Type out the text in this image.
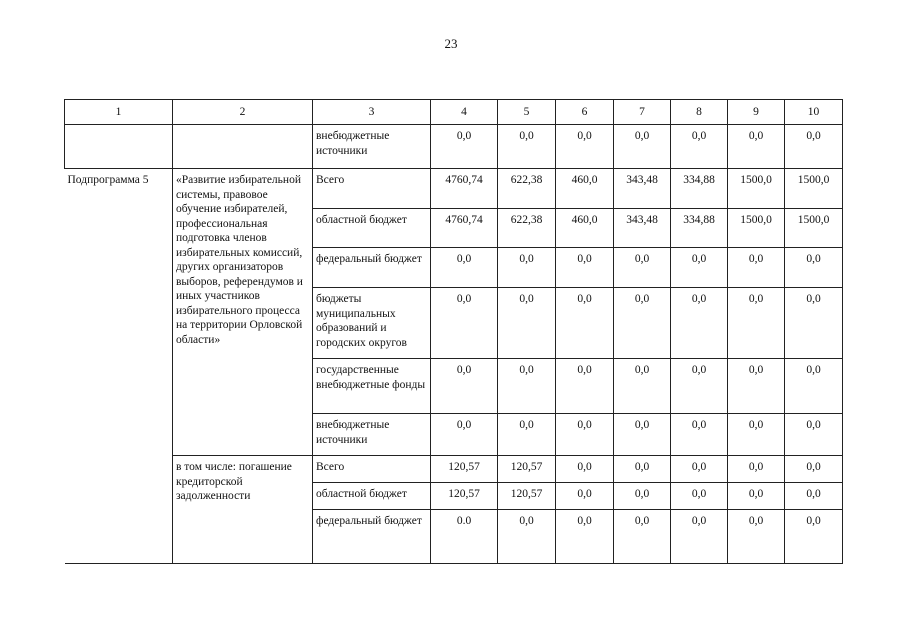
23
1	2	3	4	5	6	7	8	9	10
		внебюджетные источники	0,0	0,0	0,0	0,0	0,0	0,0	0,0
Подпрограмма 5	«Развитие избирательной системы, правовое обучение избирателей, профессиональная подготовка членов избирательных комиссий, других организаторов выборов, референдумов и иных участников избирательного процесса на территории Орловской области»	Всего	4760,74	622,38	460,0	343,48	334,88	1500,0	1500,0
		областной бюджет	4760,74	622,38	460,0	343,48	334,88	1500,0	1500,0
		федеральный бюджет	0,0	0,0	0,0	0,0	0,0	0,0	0,0
		бюджеты муниципальных образований и городских округов	0,0	0,0	0,0	0,0	0,0	0,0	0,0
		государственные внебюджетные фонды	0,0	0,0	0,0	0,0	0,0	0,0	0,0
		внебюджетные источники	0,0	0,0	0,0	0,0	0,0	0,0	0,0
	в том числе: погашение кредиторской задолженности	Всего	120,57	120,57	0,0	0,0	0,0	0,0	0,0
		областной бюджет	120,57	120,57	0,0	0,0	0,0	0,0	0,0
		федеральный бюджет	0.0	0,0	0,0	0,0	0,0	0,0	0,0
